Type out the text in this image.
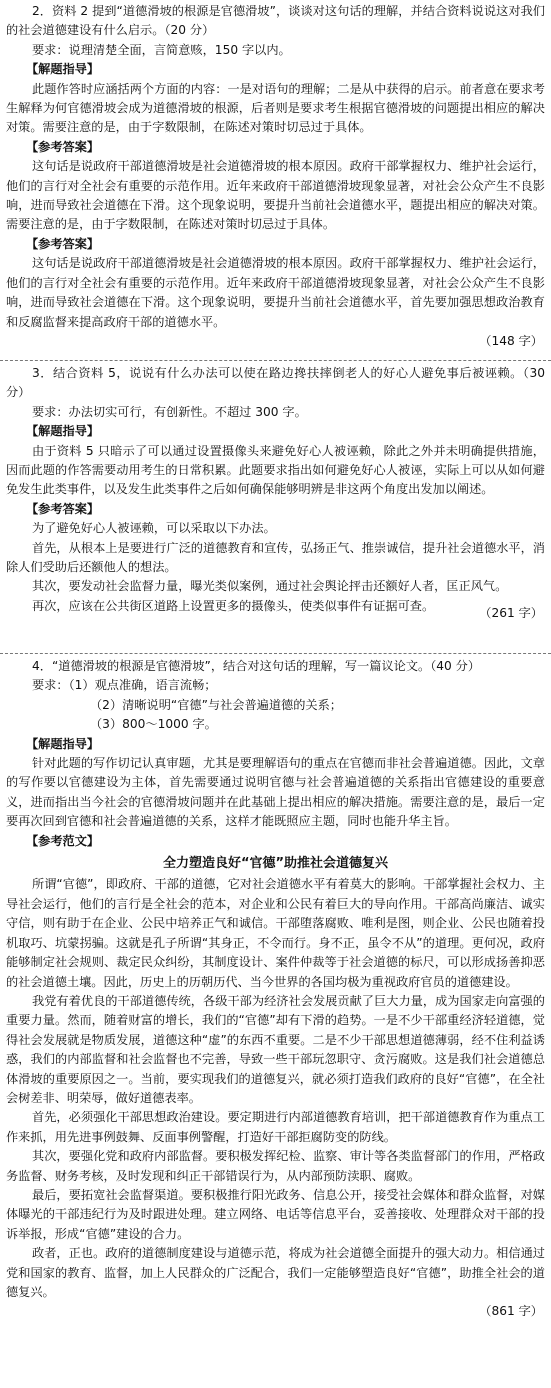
2．资料 2 提到“道德滑坡的根源是官德滑坡”，谈谈对这句话的理解，并结合资料说说这对我们的社会道德建设有什么启示。（20 分）

要求：说理清楚全面，言简意赅，150 字以内。

【解题指导】

此题作答时应涵括两个方面的内容：一是对语句的理解；二是从中获得的启示。前者意在要求考生解释为何官德滑坡会成为道德滑坡的根源，后者则是要求考生根据官德滑坡的问题提出相应的解决对策。需要注意的是，由于字数限制，在陈述对策时切忌过于具体。

【参考答案】

这句话是说政府干部道德滑坡是社会道德滑坡的根本原因。政府干部掌握权力、维护社会运行，他们的言行对全社会有重要的示范作用。近年来政府干部道德滑坡现象显著，对社会公众产生不良影响，进而导致社会道德在下滑。这个现象说明，要提升当前社会道德水平，题提出相应的解决对策。需要注意的是，由于字数限制，在陈述对策时切忌过于具体。

【参考答案】

这句话是说政府干部道德滑坡是社会道德滑坡的根本原因。政府干部掌握权力、维护社会运行，他们的言行对全社会有重要的示范作用。近年来政府干部道德滑坡现象显著，对社会公众产生不良影响，进而导致社会道德在下滑。这个现象说明，要提升当前社会道德水平，首先要加强思想政治教育和反腐监督来提高政府干部的道德水平。

（148 字）

3．结合资料 5，说说有什么办法可以使在路边搀扶摔倒老人的好心人避免事后被诬赖。（30 分）

要求：办法切实可行，有创新性。不超过 300 字。

【解题指导】

由于资料 5 只暗示了可以通过设置摄像头来避免好心人被诬赖，除此之外并未明确提供措施，因而此题的作答需要动用考生的日常积累。此题要求指出如何避免好心人被诬，实际上可以从如何避免发生此类事件，以及发生此类事件之后如何确保能够明辨是非这两个角度出发加以阐述。

【参考答案】

为了避免好心人被诬赖，可以采取以下办法。

首先，从根本上是要进行广泛的道德教育和宣传，弘扬正气、推崇诚信，提升社会道德水平，消除人们受助后还额他人的想法。

其次，要发动社会监督力量，曝光类似案例，通过社会舆论抨击还额好人者，匡正风气。

再次，应该在公共街区道路上设置更多的摄像头，使类似事件有证据可查。	（261 字）

4．“道德滑坡的根源是官德滑坡”，结合对这句话的理解，写一篇议论文。（40 分）

要求：（1）观点准确，语言流畅；

（2）清晰说明“官德”与社会普遍道德的关系；

（3）800～1000 字。

【解题指导】

针对此题的写作切记认真审题，尤其是要理解语句的重点在官德而非社会普遍道德。因此，文章的写作要以官德建设为主体，首先需要通过说明官德与社会普遍道德的关系指出官德建设的重要意义，进而指出当今社会的官德滑坡问题并在此基础上提出相应的解决措施。需要注意的是，最后一定要再次回到官德和社会普遍道德的关系，这样才能既照应主题，同时也能升华主旨。

【参考范文】

全力塑造良好“官德”助推社会道德复兴

所谓“官德”，即政府、干部的道德，它对社会道德水平有着莫大的影响。干部掌握社会权力、主导社会运行，他们的言行是全社会的范本，对企业和公民有着巨大的导向作用。干部高尚廉洁、诚实守信，则有助于在企业、公民中培养正气和诚信。干部堕落腐败、唯利是图，则企业、公民也随着投机取巧、坑蒙拐骗。这就是孔子所谓“其身正，不令而行。身不正，虽令不从”的道理。更何况，政府能够制定社会规则、裁定民众纠纷，其制度设计、案件仲裁等于社会道德的标尺，可以形成扬善抑恶的社会道德土壤。因此，历史上的历朝历代、当今世界的各国均极为重视政府官员的道德建设。

我党有着优良的干部道德传统，各级干部为经济社会发展贡献了巨大力量，成为国家走向富强的重要力量。然而，随着财富的增长，我们的“官德”却有下滑的趋势。一是不少干部重经济轻道德，觉得社会发展就是物质发展，道德这种“虚”的东西不重要。二是不少干部思想道德薄弱，经不住利益诱惑，我们的内部监督和社会监督也不完善，导致一些干部玩忽职守、贪污腐败。这是我们社会道德总体滑坡的重要原因之一。当前，要实现我们的道德复兴，就必须打造我们政府的良好“官德”，在全社会树差非、明荣辱，做好道德表率。

首先，必须强化干部思想政治建设。要定期进行内部道德教育培训，把干部道德教育作为重点工作来抓，用先进事例鼓舞、反面事例警醒，打造好干部拒腐防变的防线。

其次，要强化党和政府内部监督。要积极发挥纪检、监察、审计等各类监督部门的作用，严格政务监督、财务考核，及时发现和纠正干部错误行为，从内部预防渎职、腐败。

最后，要拓宽社会监督渠道。要积极推行阳光政务、信息公开，接受社会媒体和群众监督，对媒体曝光的干部违纪行为及时跟进处理。建立网络、电话等信息平台，妥善接收、处理群众对干部的投诉举报，形成“官德”建设的合力。

政者，正也。政府的道德制度建设与道德示范，将成为社会道德全面提升的强大动力。相信通过党和国家的教育、监督，加上人民群众的广泛配合，我们一定能够塑造良好“官德”，助推全社会的道德复兴。

（861 字）
